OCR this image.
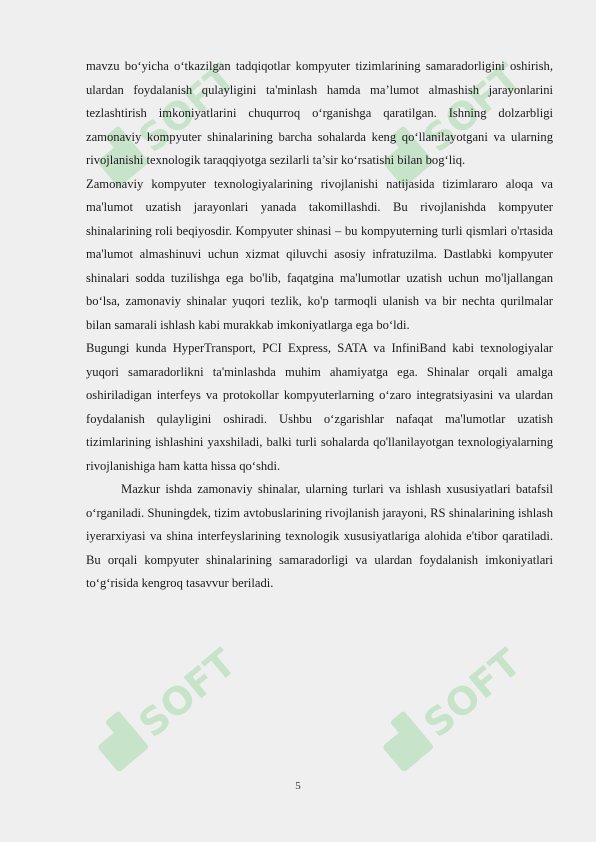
SOFT	SOFT
SOFT	SOFT

mavzu bo‘yicha o‘tkazilgan tadqiqotlar kompyuter tizimlarining samaradorligini oshirish, ulardan foydalanish qulayligini ta'minlash hamda ma’lumot almashish jarayonlarini tezlashtirish imkoniyatlarini chuqurroq o‘rganishga qaratilgan. Ishning dolzarbligi zamonaviy kompyuter shinalarining barcha sohalarda keng qo‘llanilayotgani va ularning rivojlanishi texnologik taraqqiyotga sezilarli ta’sir ko‘rsatishi bilan bog‘liq.

Zamonaviy kompyuter texnologiyalarining rivojlanishi natijasida tizimlararo aloqa va ma'lumot uzatish jarayonlari yanada takomillashdi. Bu rivojlanishda kompyuter shinalarining roli beqiyosdir. Kompyuter shinasi – bu kompyuterning turli qismlari o'rtasida ma'lumot almashinuvi uchun xizmat qiluvchi asosiy infratuzilma. Dastlabki kompyuter shinalari sodda tuzilishga ega bo'lib, faqatgina ma'lumotlar uzatish uchun mo'ljallangan bo‘lsa, zamonaviy shinalar yuqori tezlik, ko'p tarmoqli ulanish va bir nechta qurilmalar bilan samarali ishlash kabi murakkab imkoniyatlarga ega bo‘ldi.

Bugungi kunda HyperTransport, PCI Express, SATA va InfiniBand kabi texnologiyalar yuqori samaradorlikni ta'minlashda muhim ahamiyatga ega. Shinalar orqali amalga oshiriladigan interfeys va protokollar kompyuterlarning o‘zaro integratsiyasini va ulardan foydalanish qulayligini oshiradi. Ushbu o‘zgarishlar nafaqat ma'lumotlar uzatish tizimlarining ishlashini yaxshiladi, balki turli sohalarda qo'llanilayotgan texnologiyalarning rivojlanishiga ham katta hissa qo‘shdi.

Mazkur ishda zamonaviy shinalar, ularning turlari va ishlash xususiyatlari batafsil o‘rganiladi. Shuningdek, tizim avtobuslarining rivojlanish jarayoni, RS shinalarining ishlash iyerarxiyasi va shina interfeyslarining texnologik xususiyatlariga alohida e'tibor qaratiladi. Bu orqali kompyuter shinalarining samaradorligi va ulardan foydalanish imkoniyatlari to‘g‘risida kengroq tasavvur beriladi.

5
